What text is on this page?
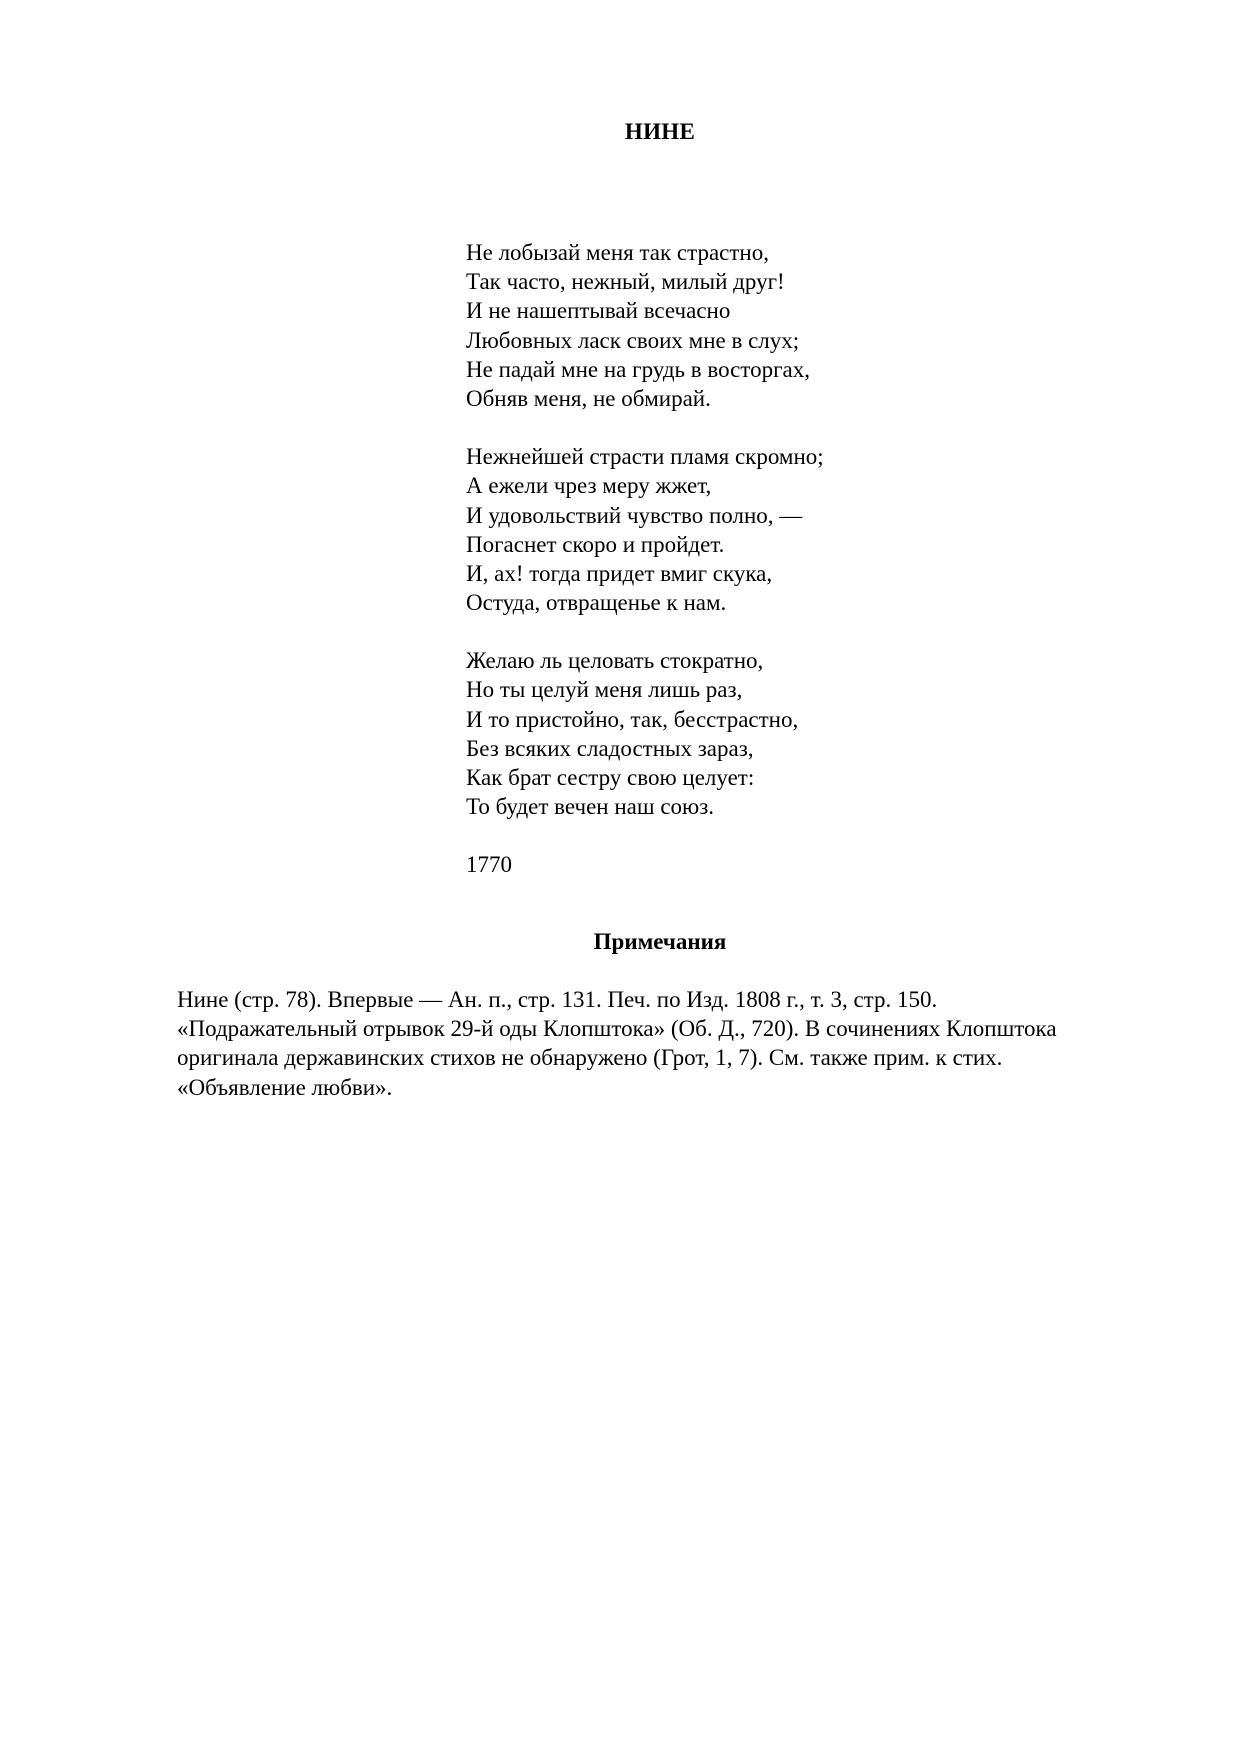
НИНЕ
Не лобызай меня так страстно,
Так часто, нежный, милый друг!
И не нашептывай всечасно
Любовных ласк своих мне в слух;
Не падай мне на грудь в восторгах,
Обняв меня, не обмирай.
Нежнейшей страсти пламя скромно;
А ежели чрез меру жжет,
И удовольствий чувство полно, —
Погаснет скоро и пройдет.
И, ах! тогда придет вмиг скука,
Остуда, отвращенье к нам.
Желаю ль целовать стократно,
Но ты целуй меня лишь раз,
И то пристойно, так, бесстрастно,
Без всяких сладостных зараз,
Как брат сестру свою целует:
То будет вечен наш союз.
1770
Примечания
Нине (стр. 78). Впервые — Ан. п., стр. 131. Печ. по Изд. 1808 г., т. 3, стр. 150.
«Подражательный отрывок 29-й оды Клопштока» (Об. Д., 720). В сочинениях Клопштока
оригинала державинских стихов не обнаружено (Грот, 1, 7). См. также прим. к стих.
«Объявление любви».
